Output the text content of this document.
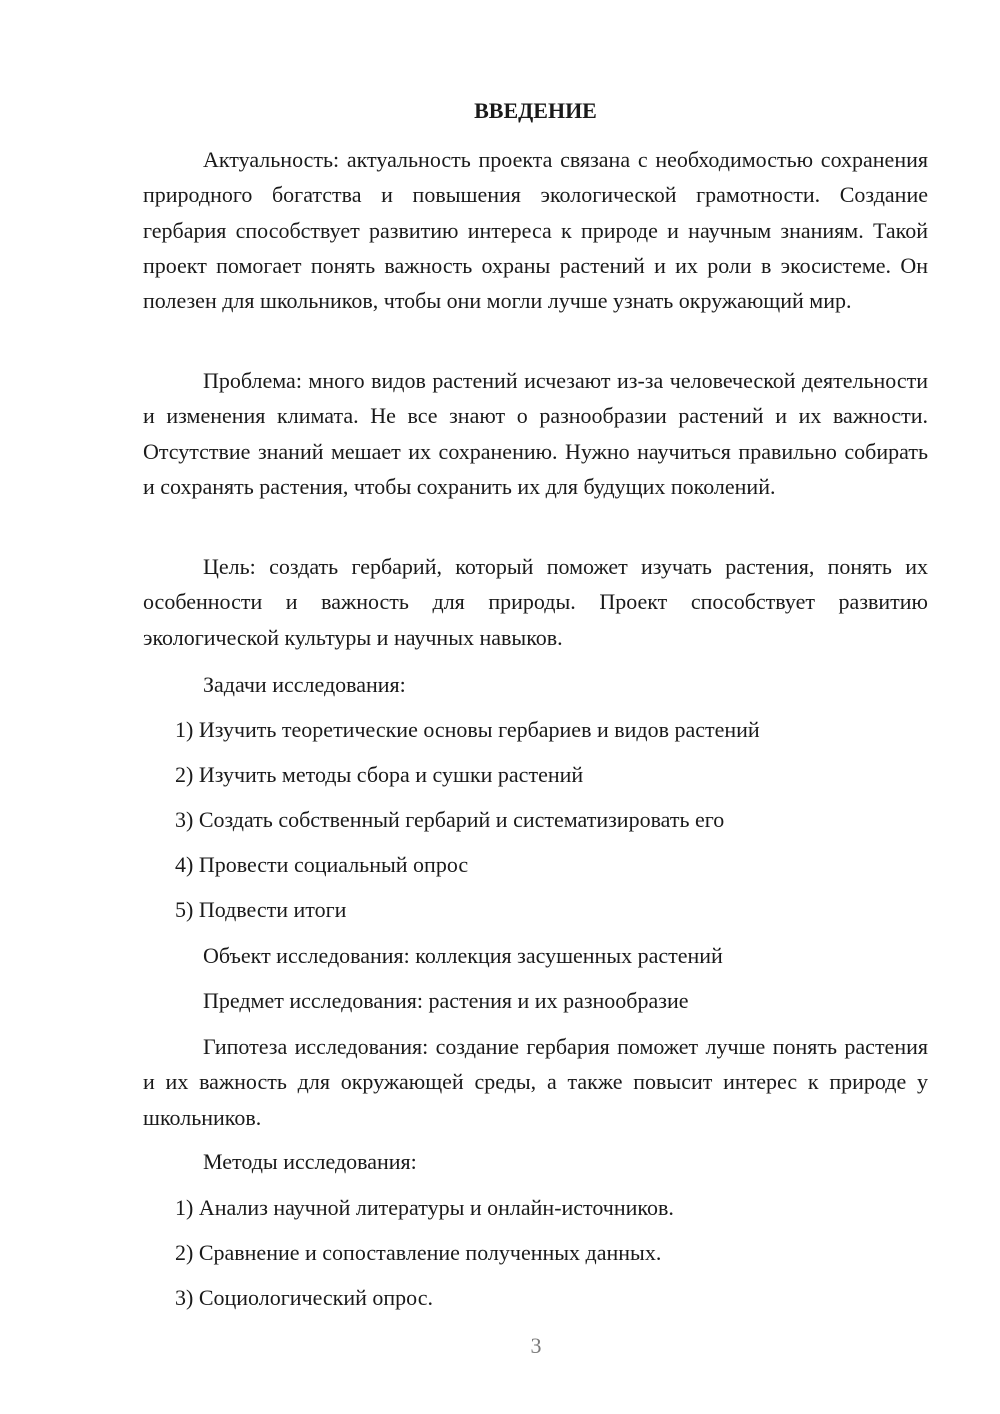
ВВЕДЕНИЕ
Актуальность: актуальность проекта связана с необходимостью сохранения природного богатства и повышения экологической грамотности. Создание гербария способствует развитию интереса к природе и научным знаниям. Такой проект помогает понять важность охраны растений и их роли в экосистеме. Он полезен для школьников, чтобы они могли лучше узнать окружающий мир.
Проблема: много видов растений исчезают из-за человеческой деятельности и изменения климата. Не все знают о разнообразии растений и их важности. Отсутствие знаний мешает их сохранению. Нужно научиться правильно собирать и сохранять растения, чтобы сохранить их для будущих поколений.
Цель: создать гербарий, который поможет изучать растения, понять их особенности и важность для природы. Проект способствует развитию экологической культуры и научных навыков.
Задачи исследования:
1) Изучить теоретические основы гербариев и видов растений
2) Изучить методы сбора и сушки растений
3) Создать собственный гербарий и систематизировать его
4) Провести социальный опрос
5) Подвести итоги
Объект исследования: коллекция засушенных растений
Предмет исследования: растения и их разнообразие
Гипотеза исследования: создание гербария поможет лучше понять растения и их важность для окружающей среды, а также повысит интерес к природе у школьников.
Методы исследования:
1) Анализ научной литературы и онлайн-источников.
2) Сравнение и сопоставление полученных данных.
3) Социологический опрос.
3
